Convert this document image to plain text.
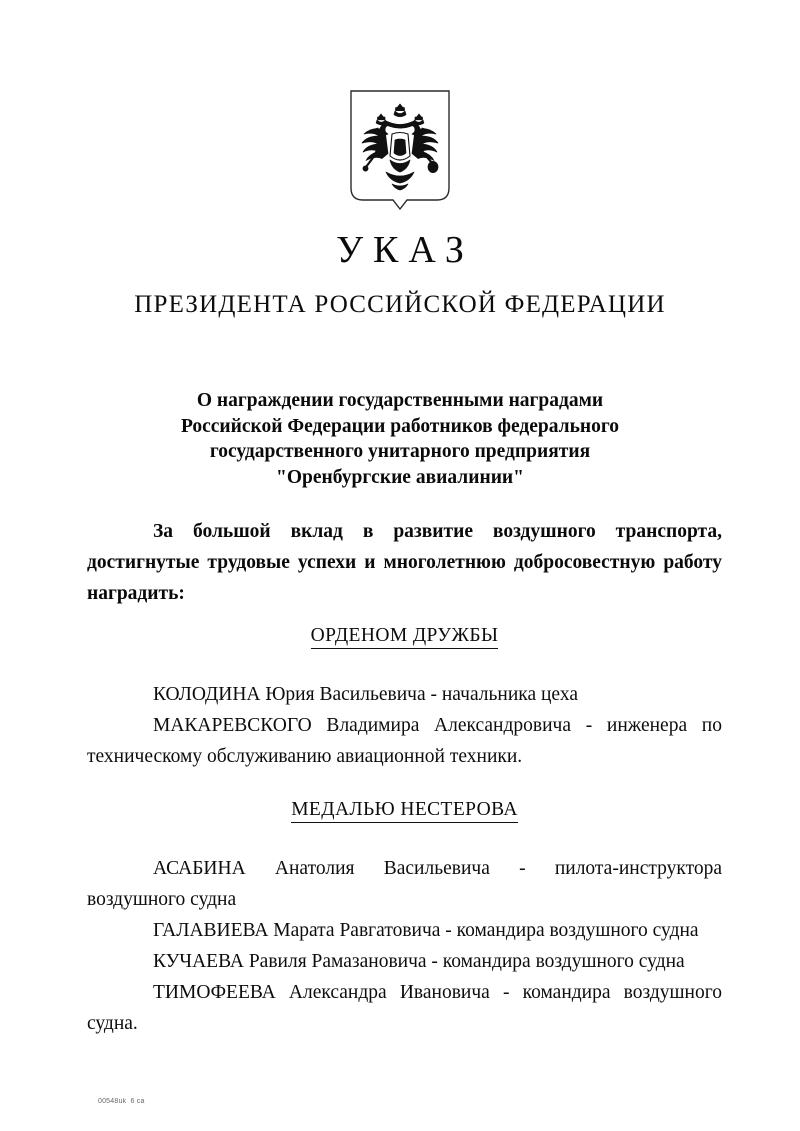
УКАЗ
ПРЕЗИДЕНТА РОССИЙСКОЙ ФЕДЕРАЦИИ
О награждении государственными наградами
Российской Федерации работников федерального
государственного унитарного предприятия
"Оренбургские авиалинии"
За большой вклад в развитие воздушного транспорта, достигнутые трудовые успехи и многолетнюю добросовестную работу наградить:
ОРДЕНОМ ДРУЖБЫ

КОЛОДИНА Юрия Васильевича - начальника цеха

МАКАРЕВСКОГО Владимира Александровича - инженера по техническому обслуживанию авиационной техники.

МЕДАЛЬЮ НЕСТЕРОВА

АСАБИНА Анатолия Васильевича - пилота-инструктора воздушного судна

ГАЛАВИЕВА Марата Равгатовича - командира воздушного судна

КУЧАЕВА Равиля Рамазановича - командира воздушного судна

ТИМОФЕЕВА Александра Ивановича - командира воздушного судна.

00548uk  6 ca
